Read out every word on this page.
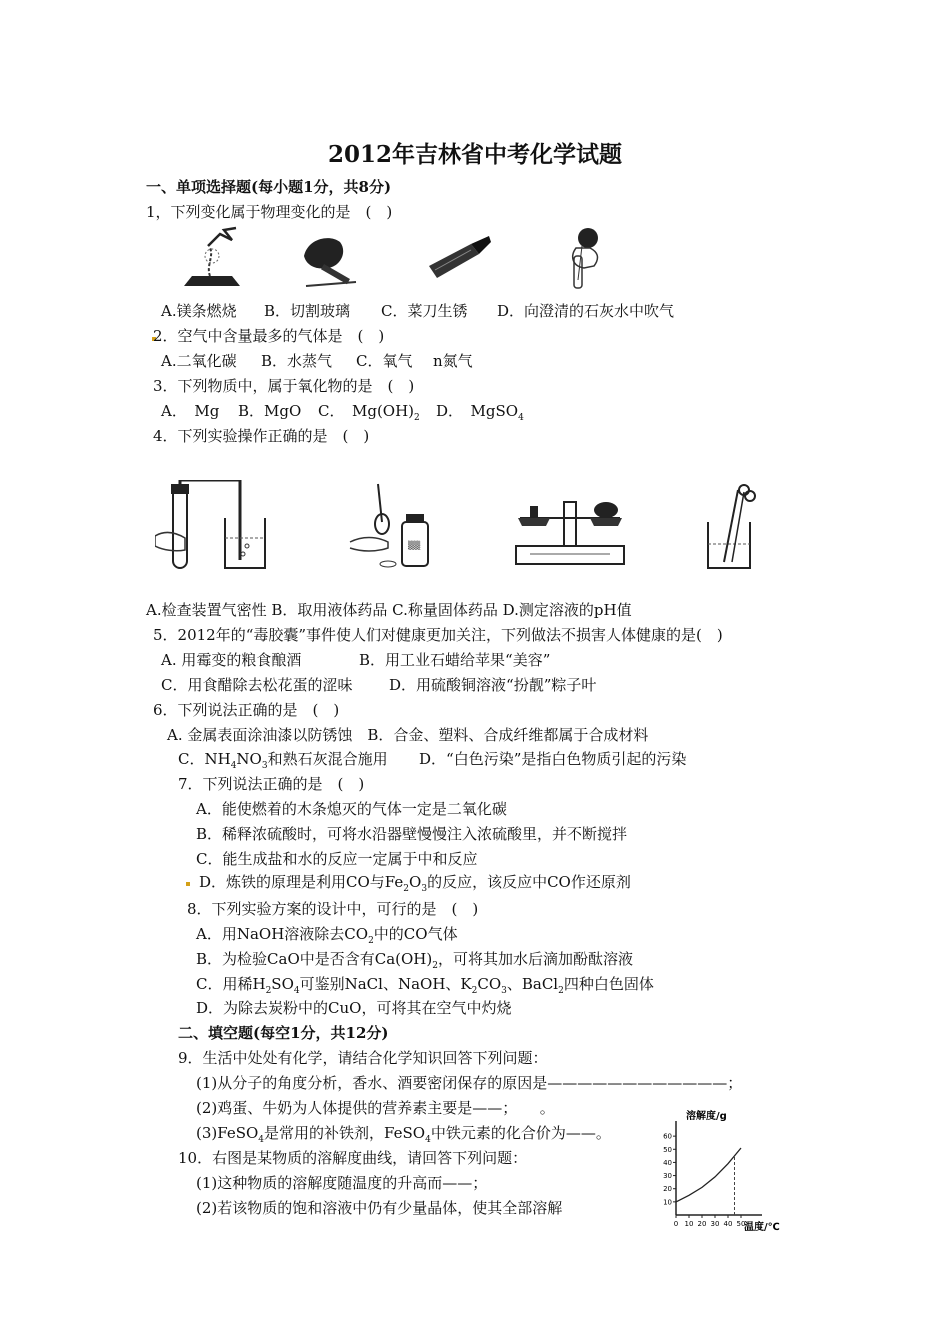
2012年吉林省中考化学试题
一、单项选择题(每小题1分，共8分)
1，下列变化属于物理变化的是　(　)
A.镁条燃烧 B．切割玻璃 C．菜刀生锈 D．向澄清的石灰水中吹气
2．空气中含量最多的气体是　(　)
A.二氧化碳 B．水蒸气 C．氧气 n氮气
3．下列物质中，属于氧化物的是　(　)
A．　Mg B．MgO C．　$Mg(OH)_2$ D．　MgSO$_4$
4．下列实验操作正确的是　(　)
▒▒
A.检查装置气密性 B．取用液体药品 C.称量固体药品 D.测定溶液的pH值
5．2012年的“毒胶囊”事件使人们对健康更加关注，下列做法不损害人体健康的是(　)
A. 用霉变的粮食酿酒	B．用工业石蜡给苹果“美容”
C．用食醋除去松花蛋的涩味 D．用硫酸铜溶液“扮靓”粽子叶
6．下列说法正确的是　(　)
A. 金属表面涂油漆以防锈蚀　B．合金、塑料、合成纤维都属于合成材料
C．$NH_4NO_3$和熟石灰混合施用 D．“白色污染”是指白色物质引起的污染
7．下列说法正确的是　(　)
A．能使燃着的木条熄灭的气体一定是二氧化碳
B．稀释浓硫酸时，可将水沿器壁慢慢注入浓硫酸里，并不断搅拌
C．能生成盐和水的反应一定属于中和反应
D．炼铁的原理是利用CO与$Fe_2O_3$的反应，该反应中CO作还原剂
8．下列实验方案的设计中，可行的是　(　)
A．用NaOH溶液除去$CO_2$中的CO气体
B．为检验CaO中是否含有$Ca(OH)_2$，可将其加水后滴加酚酞溶液
C．用稀$H_2SO_4$可鉴别NaCl、NaOH、$K_2CO_3$、BaCl$_2$四种白色固体
D．为除去炭粉中的CuO，可将其在空气中灼烧
二、填空题(每空1分，共12分)
9．生活中处处有化学，请结合化学知识回答下列问题：
(1)从分子的角度分析，香水、酒要密闭保存的原因是————————————；
(2)鸡蛋、牛奶为人体提供的营养素主要是——；　　。
(3)FeSO$_4$是常用的补铁剂，FeSO$_4$中铁元素的化合价为——。
10．右图是某物质的溶解度曲线，请回答下列问题：
(1)这种物质的溶解度随温度的升高而——；
(2)若该物质的饱和溶液中仍有少量晶体，使其全部溶解
溶解度/g
0 10 20 30 40 50
10
20
30
40
50
60
温度/℃
